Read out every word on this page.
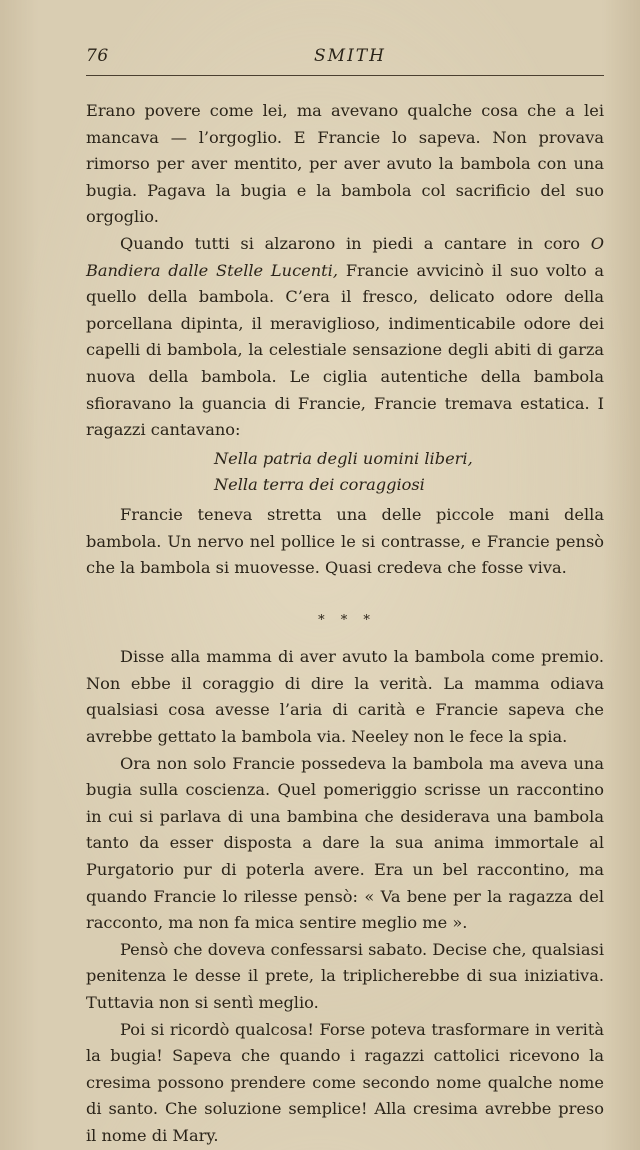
76	SMITH

Erano povere come lei, ma avevano qualche cosa che a lei mancava — l’orgoglio. E Francie lo sapeva. Non provava rimorso per aver mentito, per aver avuto la bambola con una bugia. Pagava la bugia e la bambola col sacrificio del suo orgoglio.

Quando tutti si alzarono in piedi a cantare in coro O Bandiera dalle Stelle Lucenti, Francie avvicinò il suo volto a quello della bambola. C’era il fresco, delicato odore della porcellana dipinta, il meraviglioso, indimenticabile odore dei capelli di bambola, la celestiale sensazione degli abiti di garza nuova della bambola. Le ciglia autentiche della bambola sfioravano la guancia di Francie, Francie tremava estatica. I ragazzi cantavano:

Nella patria degli uomini liberi,
Nella terra dei coraggiosi

Francie teneva stretta una delle piccole mani della bambola. Un nervo nel pollice le si contrasse, e Francie pensò che la bambola si muovesse. Quasi credeva che fosse viva.

* * *

Disse alla mamma di aver avuto la bambola come premio. Non ebbe il coraggio di dire la verità. La mamma odiava qualsiasi cosa avesse l’aria di carità e Francie sapeva che avrebbe gettato la bambola via. Neeley non le fece la spia.

Ora non solo Francie possedeva la bambola ma aveva una bugia sulla coscienza. Quel pomeriggio scrisse un raccontino in cui si parlava di una bambina che desiderava una bambola tanto da esser disposta a dare la sua anima immortale al Purgatorio pur di poterla avere. Era un bel raccontino, ma quando Francie lo rilesse pensò: « Va bene per la ragazza del racconto, ma non fa mica sentire meglio me ».

Pensò che doveva confessarsi sabato. Decise che, qualsiasi penitenza le desse il prete, la triplicherebbe di sua iniziativa. Tuttavia non si sentì meglio.

Poi si ricordò qualcosa! Forse poteva trasformare in verità la bugia! Sapeva che quando i ragazzi cattolici ricevono la cresima possono prendere come secondo nome qualche nome di santo. Che soluzione semplice! Alla cresima avrebbe preso il nome di Mary.
